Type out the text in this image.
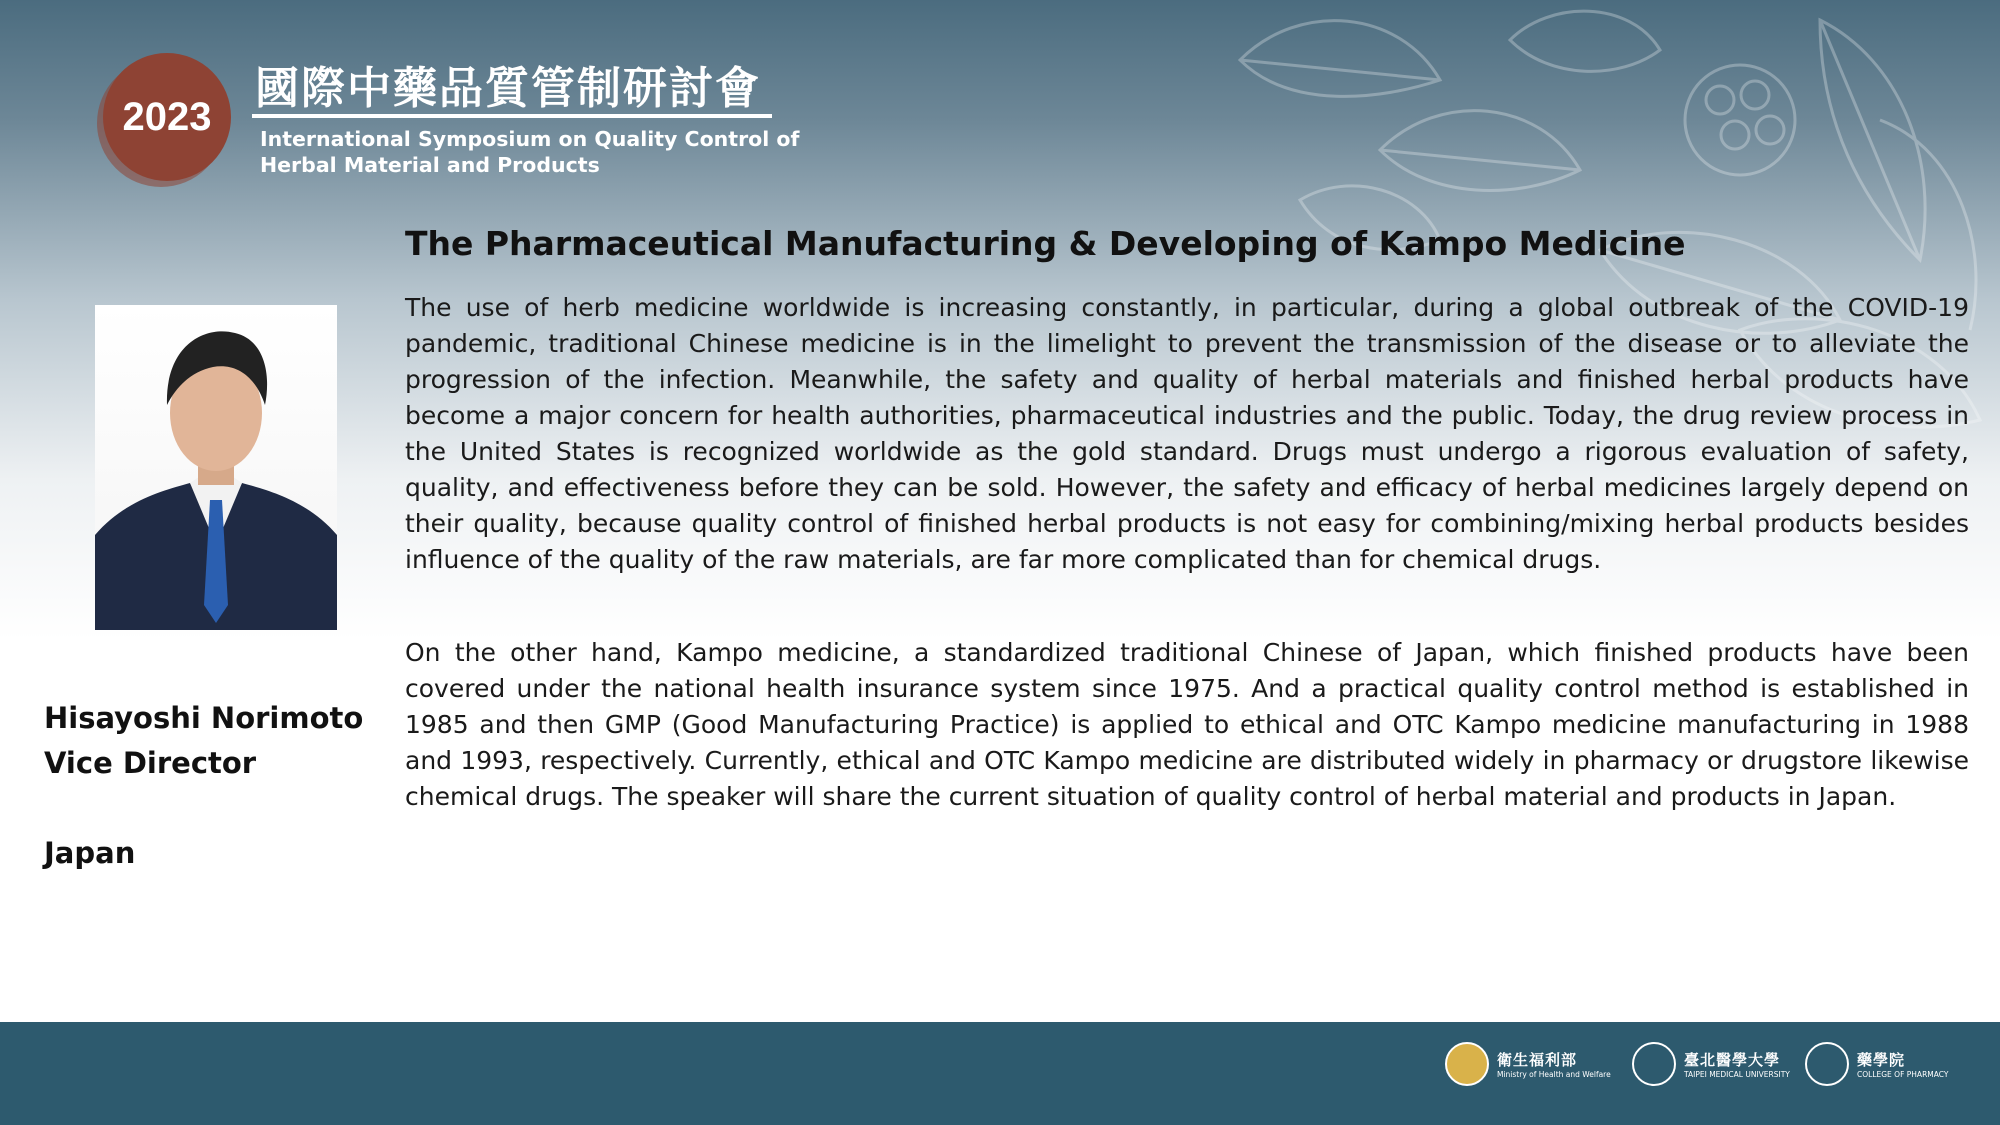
2023
國際中藥品質管制研討會
International Symposium on Quality Control of
Herbal Material and Products
The Pharmaceutical Manufacturing & Developing of Kampo Medicine

The use of herb medicine worldwide is increasing constantly, in particular, during a global outbreak of the COVID-19 pandemic, traditional Chinese medicine is in the limelight to prevent the transmission of the disease or to alleviate the progression of the infection. Meanwhile, the safety and quality of herbal materials and finished herbal products have become a major concern for health authorities, pharmaceutical industries and the public. Today, the drug review process in the United States is recognized worldwide as the gold standard. Drugs must undergo a rigorous evaluation of safety, quality, and effectiveness before they can be sold. However, the safety and efficacy of herbal medicines largely depend on their quality, because quality control of finished herbal products is not easy for combining/mixing herbal products besides influence of the quality of the raw materials, are far more complicated than for chemical drugs.

On the other hand, Kampo medicine, a standardized traditional Chinese of Japan, which finished products have been covered under the national health insurance system since 1975. And a practical quality control method is established in 1985 and then GMP (Good Manufacturing Practice) is applied to ethical and OTC Kampo medicine manufacturing in 1988 and 1993, respectively. Currently, ethical and OTC Kampo medicine are distributed widely in pharmacy or drugstore likewise chemical drugs. The speaker will share the current situation of quality control of herbal material and products in Japan.

Hisayoshi Norimoto
Vice Director
Japan
衛生福利部
Ministry of Health and Welfare
臺北醫學大學
TAIPEI MEDICAL UNIVERSITY
藥學院
COLLEGE OF PHARMACY
